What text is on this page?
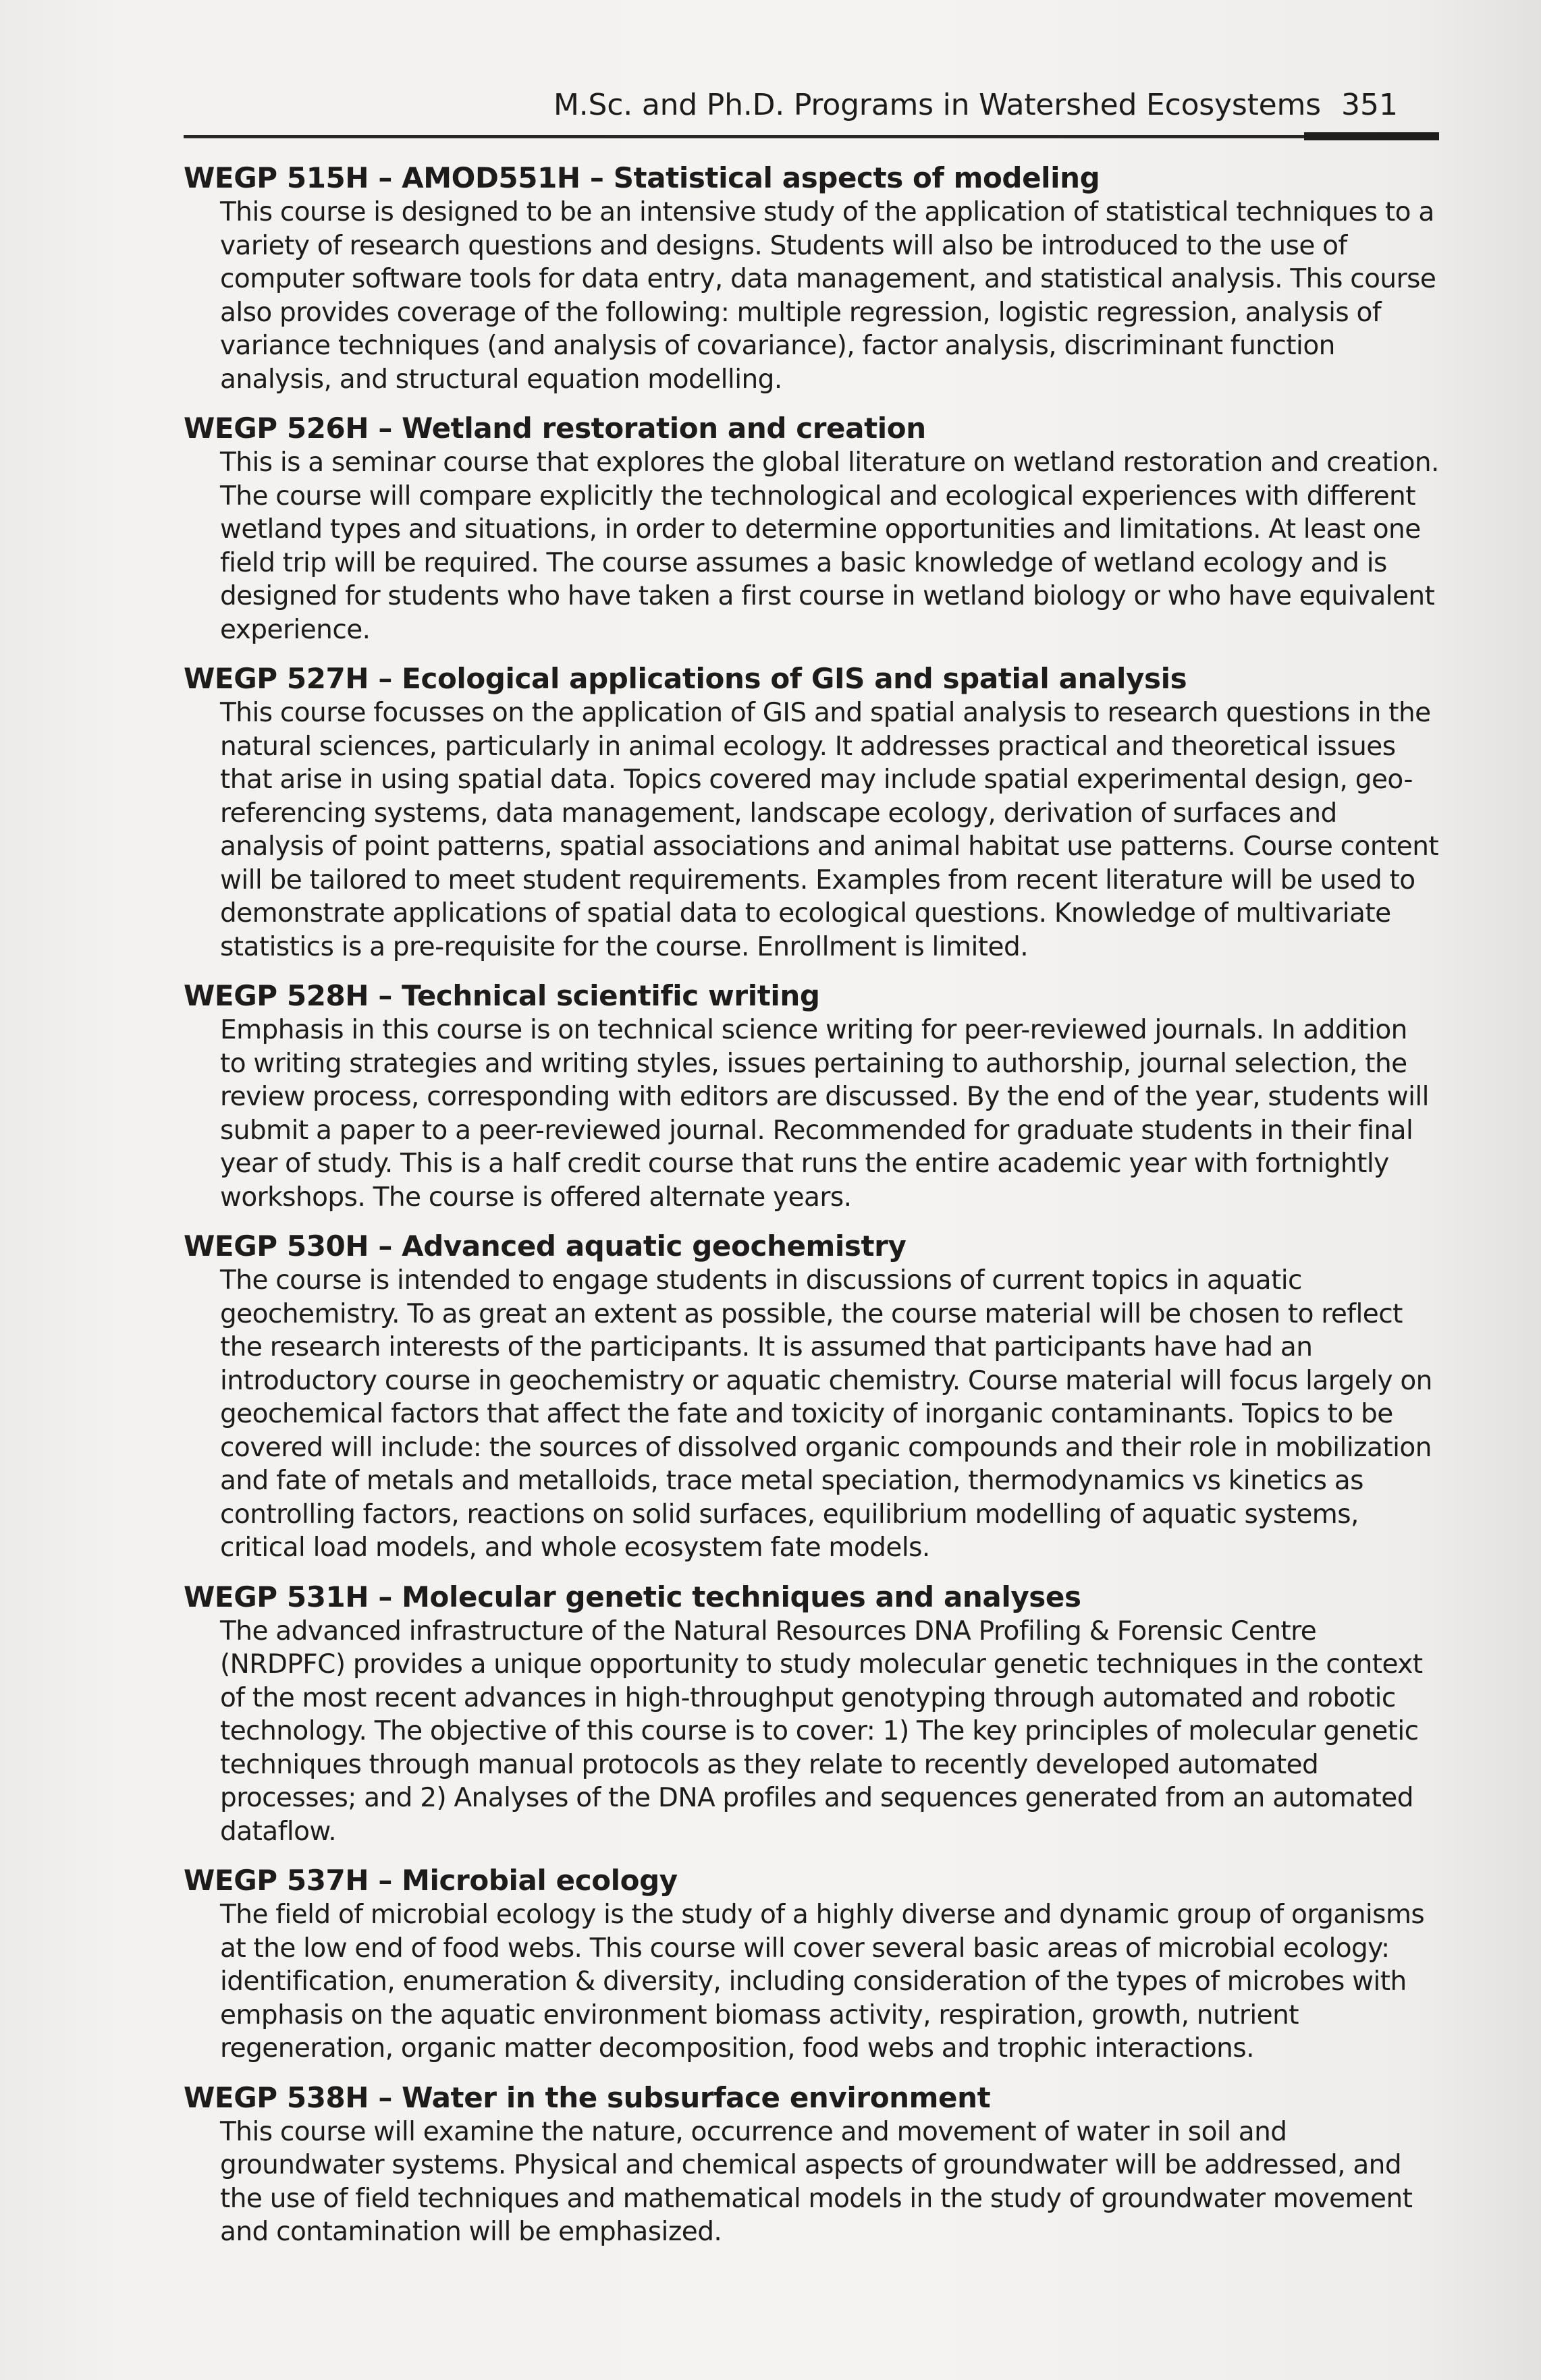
M.Sc. and Ph.D. Programs in Watershed Ecosystems 351
WEGP 515H – AMOD551H – Statistical aspects of modeling
This course is designed to be an intensive study of the application of statistical techniques to a variety of research questions and designs. Students will also be introduced to the use of computer software tools for data entry, data management, and statistical analysis. This course also provides coverage of the following: multiple regression, logistic regression, analysis of variance techniques (and analysis of covariance), factor analysis, discriminant function analysis, and structural equation modelling.
WEGP 526H – Wetland restoration and creation
This is a seminar course that explores the global literature on wetland restoration and creation. The course will compare explicitly the technological and ecological experiences with different wetland types and situations, in order to determine opportunities and limitations. At least one field trip will be required. The course assumes a basic knowledge of wetland ecology and is designed for students who have taken a first course in wetland biology or who have equivalent experience.
WEGP 527H – Ecological applications of GIS and spatial analysis
This course focusses on the application of GIS and spatial analysis to research questions in the natural sciences, particularly in animal ecology. It addresses practical and theoretical issues that arise in using spatial data. Topics covered may include spatial experimental design, geo-referencing systems, data management, landscape ecology, derivation of surfaces and analysis of point patterns, spatial associations and animal habitat use patterns. Course content will be tailored to meet student requirements. Examples from recent literature will be used to demonstrate applications of spatial data to ecological questions. Knowledge of multivariate statistics is a pre-requisite for the course. Enrollment is limited.
WEGP 528H – Technical scientific writing
Emphasis in this course is on technical science writing for peer-reviewed journals. In addition to writing strategies and writing styles, issues pertaining to authorship, journal selection, the review process, corresponding with editors are discussed. By the end of the year, students will submit a paper to a peer-reviewed journal. Recommended for graduate students in their final year of study. This is a half credit course that runs the entire academic year with fortnightly workshops. The course is offered alternate years.
WEGP 530H – Advanced aquatic geochemistry
The course is intended to engage students in discussions of current topics in aquatic geochemistry. To as great an extent as possible, the course material will be chosen to reflect the research interests of the participants. It is assumed that participants have had an introductory course in geochemistry or aquatic chemistry. Course material will focus largely on geochemical factors that affect the fate and toxicity of inorganic contaminants. Topics to be covered will include: the sources of dissolved organic compounds and their role in mobilization and fate of metals and metalloids, trace metal speciation, thermodynamics vs kinetics as controlling factors, reactions on solid surfaces, equilibrium modelling of aquatic systems, critical load models, and whole ecosystem fate models.
WEGP 531H – Molecular genetic techniques and analyses
The advanced infrastructure of the Natural Resources DNA Profiling & Forensic Centre (NRDPFC) provides a unique opportunity to study molecular genetic techniques in the context of the most recent advances in high-throughput genotyping through automated and robotic technology. The objective of this course is to cover: 1) The key principles of molecular genetic techniques through manual protocols as they relate to recently developed automated processes; and 2) Analyses of the DNA profiles and sequences generated from an automated dataflow.
WEGP 537H – Microbial ecology
The field of microbial ecology is the study of a highly diverse and dynamic group of organisms at the low end of food webs. This course will cover several basic areas of microbial ecology: identification, enumeration & diversity, including consideration of the types of microbes with emphasis on the aquatic environment biomass activity, respiration, growth, nutrient regeneration, organic matter decomposition, food webs and trophic interactions.
WEGP 538H – Water in the subsurface environment
This course will examine the nature, occurrence and movement of water in soil and groundwater systems. Physical and chemical aspects of groundwater will be addressed, and the use of field techniques and mathematical models in the study of groundwater movement and contamination will be emphasized.
